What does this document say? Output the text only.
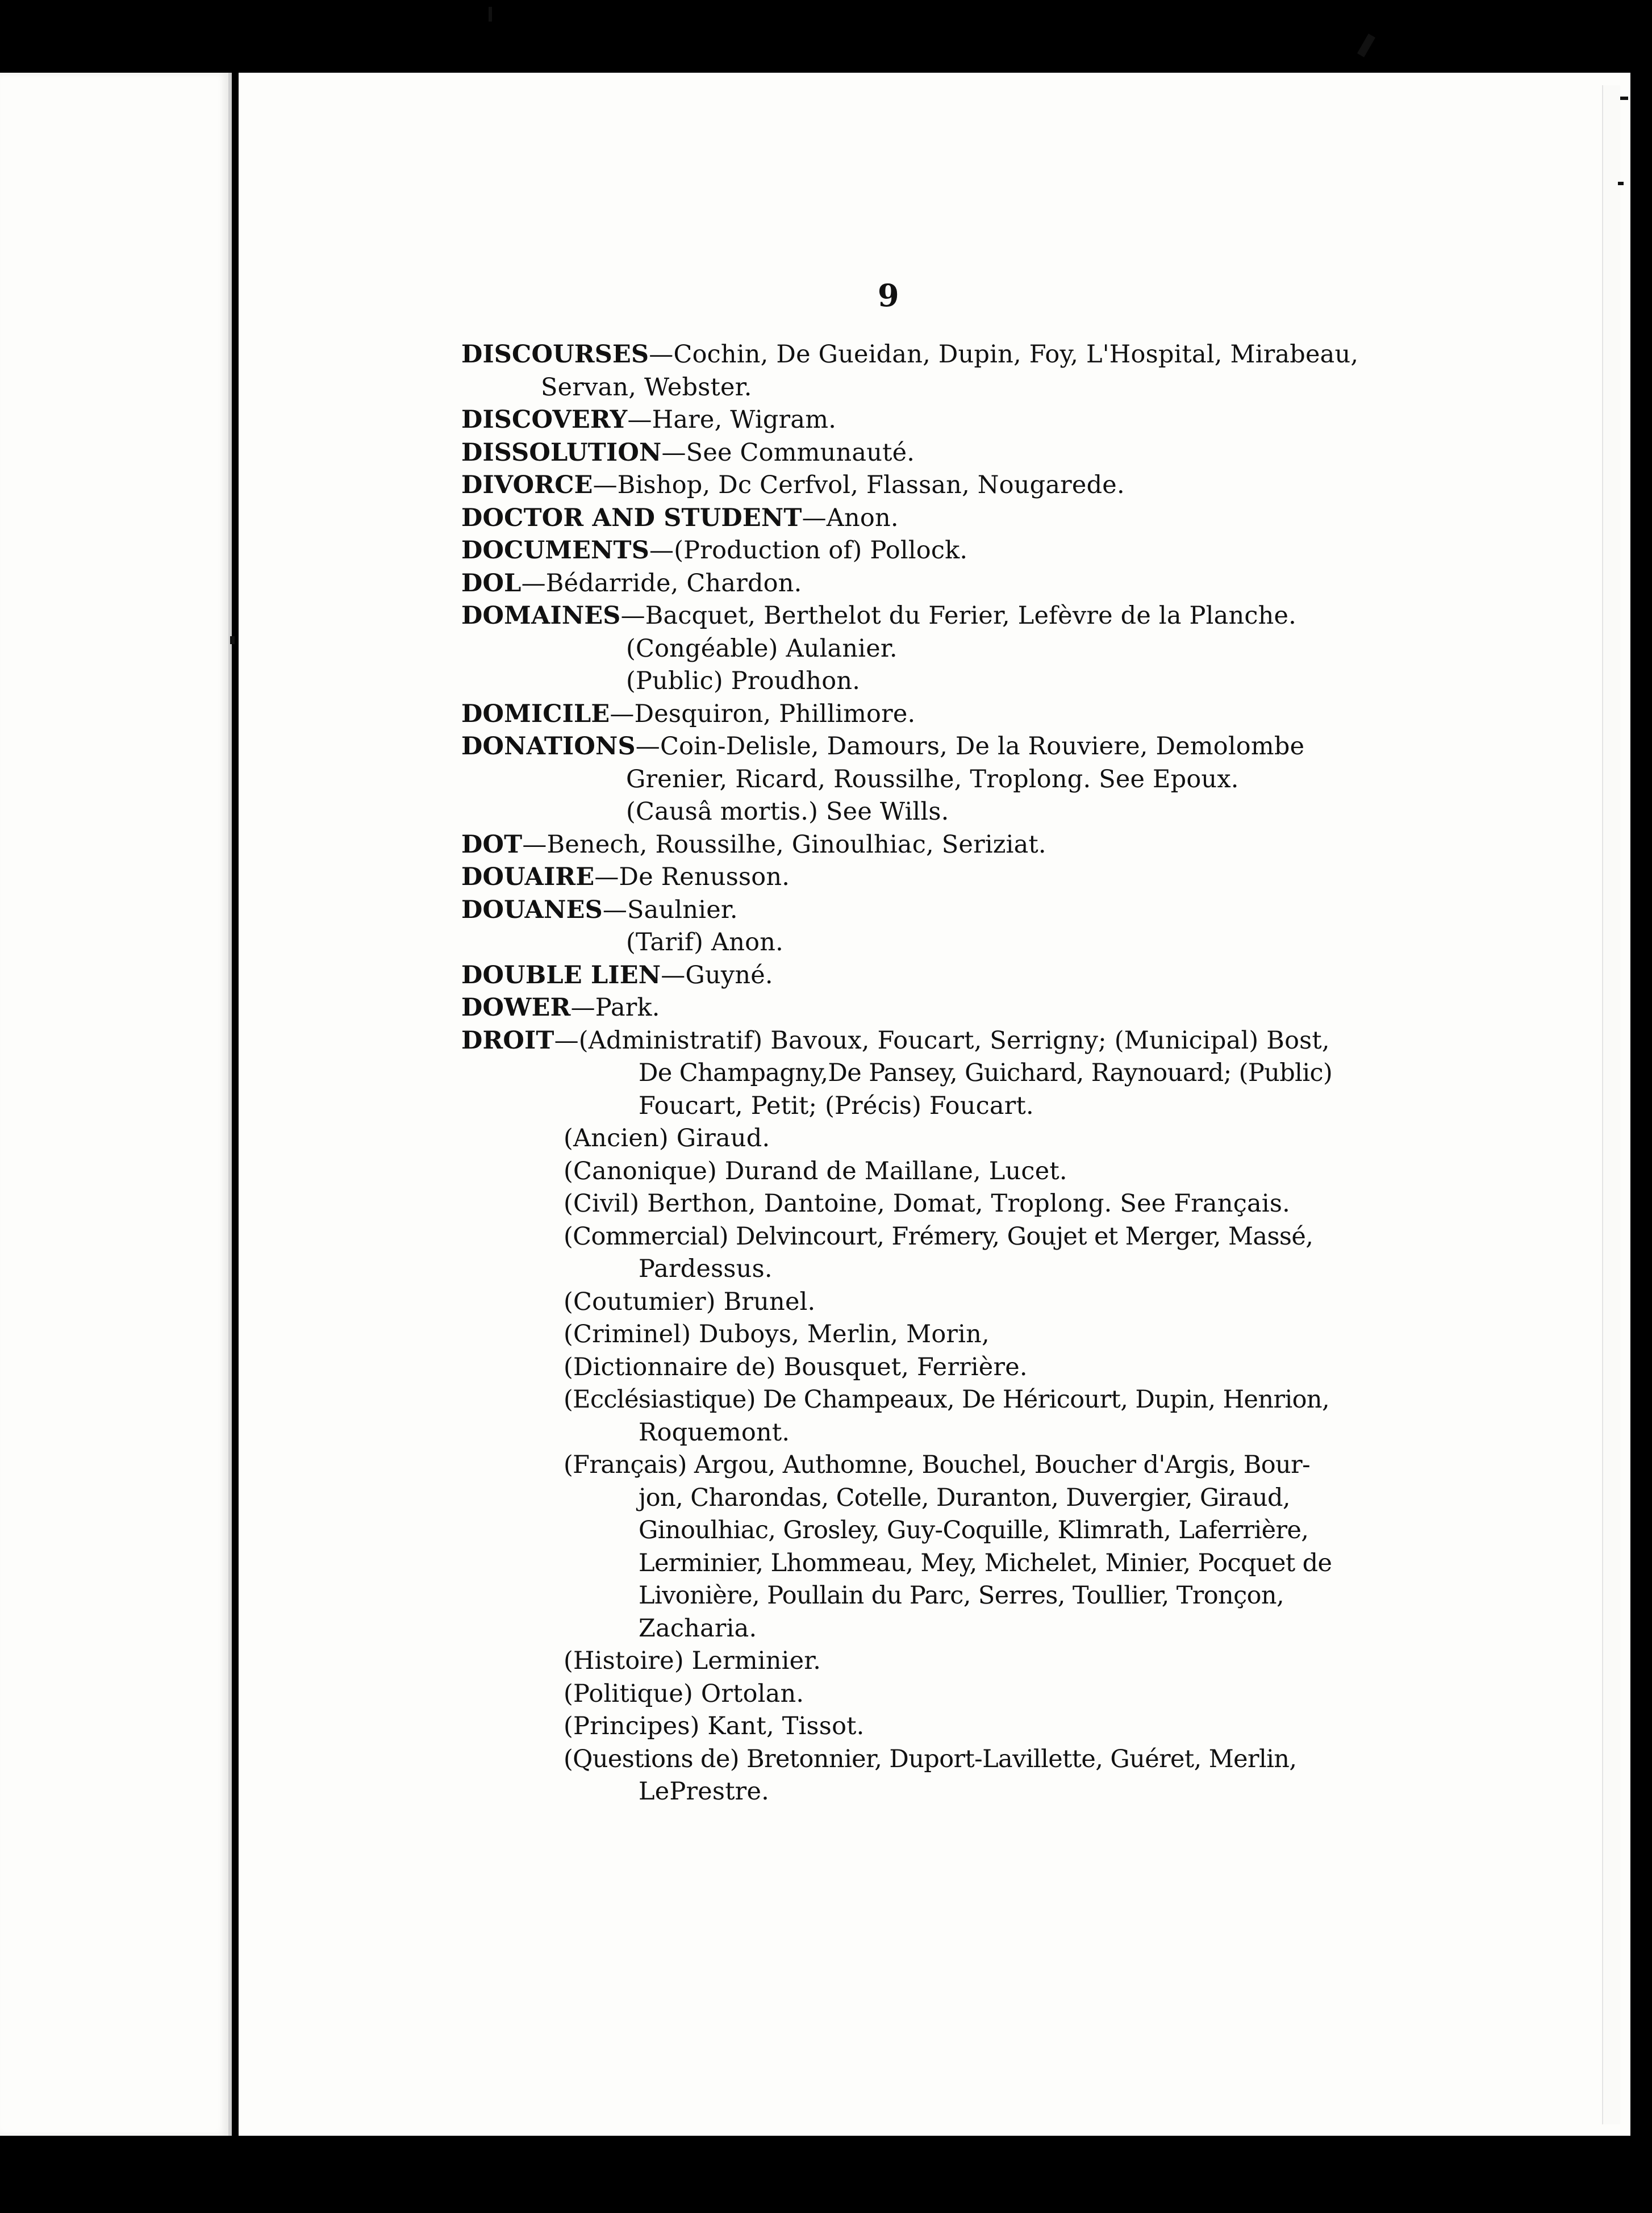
9
DISCOURSES—Cochin, De Gueidan, Dupin, Foy, L'Hospital, Mirabeau,
Servan, Webster.
DISCOVERY—Hare, Wigram.
DISSOLUTION—See Communauté.
DIVORCE—Bishop, Dc Cerfvol, Flassan, Nougarede.
DOCTOR AND STUDENT—Anon.
DOCUMENTS—(Production of) Pollock.
DOL—Bédarride, Chardon.
DOMAINES—Bacquet, Berthelot du Ferier, Lefèvre de la Planche.
(Congéable) Aulanier.
(Public) Proudhon.
DOMICILE—Desquiron, Phillimore.
DONATIONS—Coin-Delisle, Damours, De la Rouviere, Demolombe
Grenier, Ricard, Roussilhe, Troplong. See Epoux.
(Causâ mortis.) See Wills.
DOT—Benech, Roussilhe, Ginoulhiac, Seriziat.
DOUAIRE—De Renusson.
DOUANES—Saulnier.
(Tarif) Anon.
DOUBLE LIEN—Guyné.
DOWER—Park.
DROIT—(Administratif) Bavoux, Foucart, Serrigny; (Municipal) Bost,
De Champagny,De Pansey, Guichard, Raynouard; (Public)
Foucart, Petit; (Précis) Foucart.
(Ancien) Giraud.
(Canonique) Durand de Maillane, Lucet.
(Civil) Berthon, Dantoine, Domat, Troplong. See Français.
(Commercial) Delvincourt, Frémery, Goujet et Merger, Massé,
Pardessus.
(Coutumier) Brunel.
(Criminel) Duboys, Merlin, Morin,
(Dictionnaire de) Bousquet, Ferrière.
(Ecclésiastique) De Champeaux, De Héricourt, Dupin, Henrion,
Roquemont.
(Français) Argou, Authomne, Bouchel, Boucher d'Argis, Bour-
jon, Charondas, Cotelle, Duranton, Duvergier, Giraud,
Ginoulhiac, Grosley, Guy-Coquille, Klimrath, Laferrière,
Lerminier, Lhommeau, Mey, Michelet, Minier, Pocquet de
Livonière, Poullain du Parc, Serres, Toullier, Tronçon,
Zacharia.
(Histoire) Lerminier.
(Politique) Ortolan.
(Principes) Kant, Tissot.
(Questions de) Bretonnier, Duport-Lavillette, Guéret, Merlin,
LePrestre.
